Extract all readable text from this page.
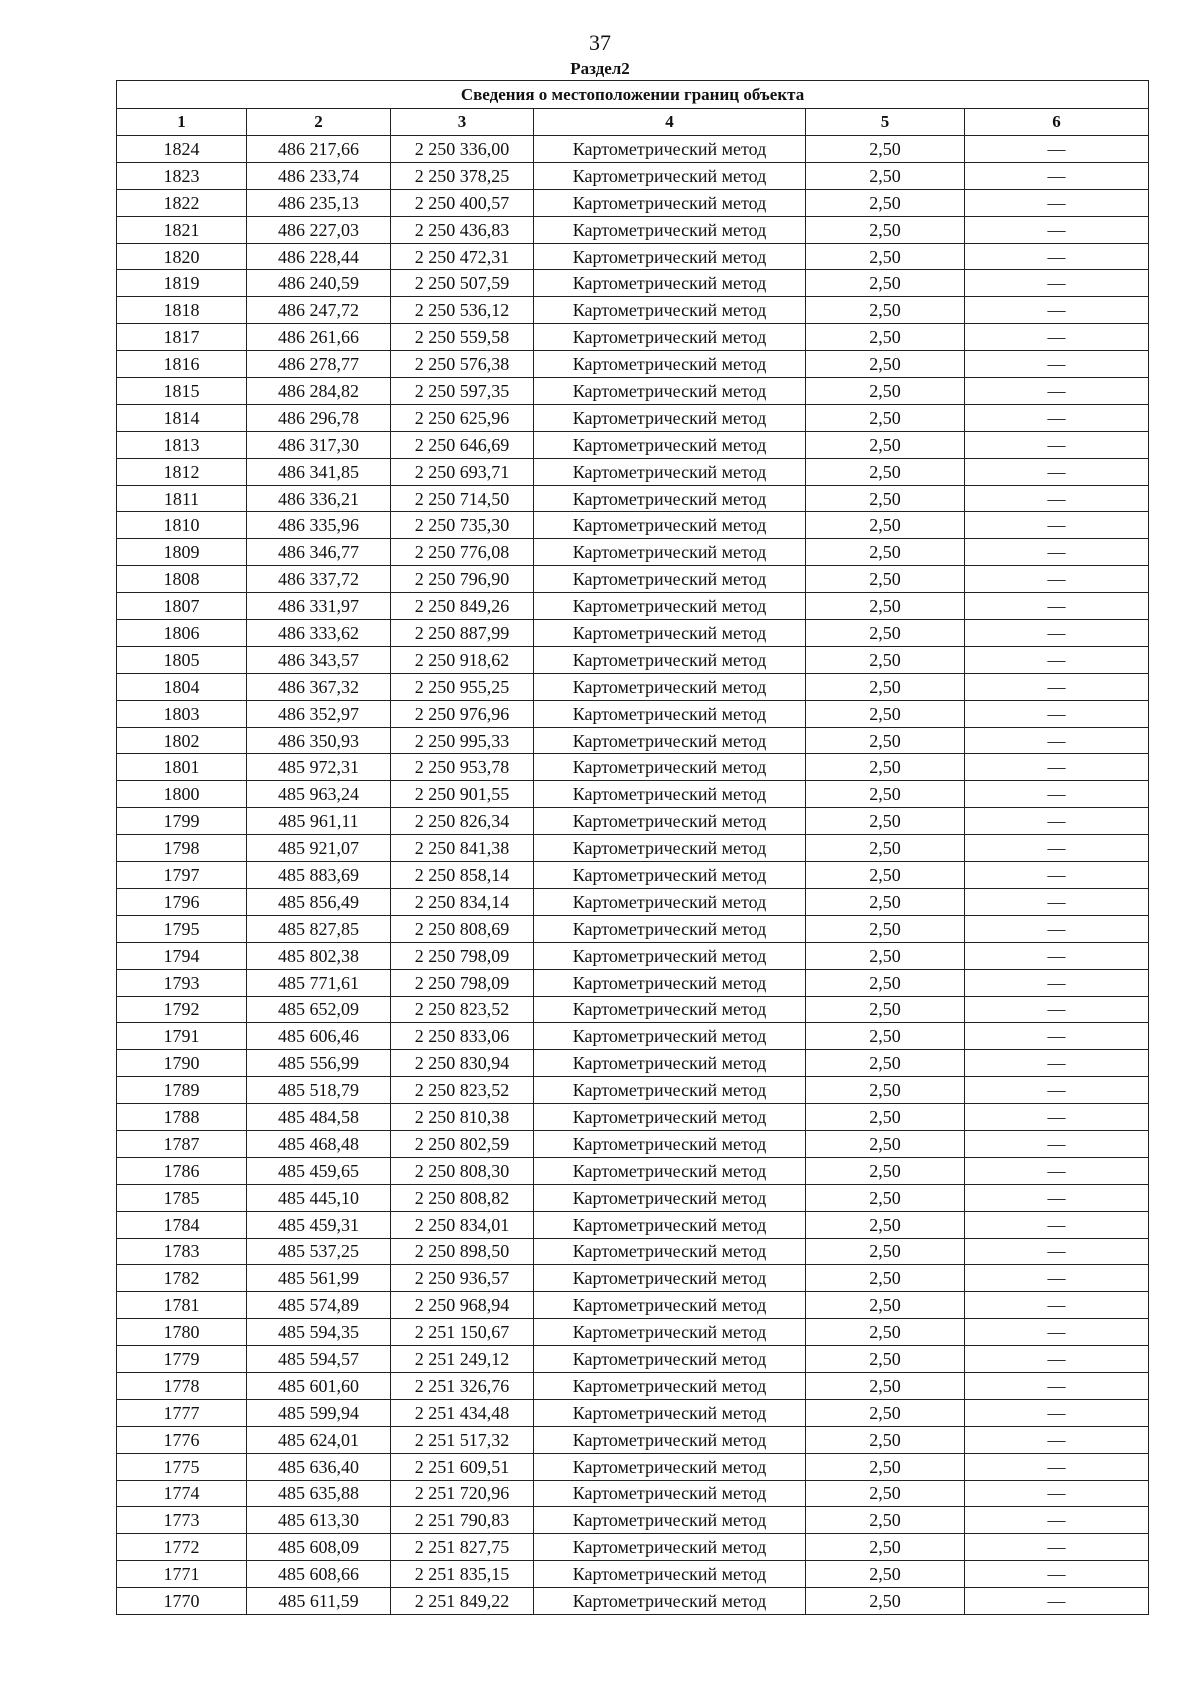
37
Раздел2
Сведения о местоположении границ объекта					
1	2	3	4	5	6
1824	486 217,66	2 250 336,00	Картометрический метод	2,50	—
1823	486 233,74	2 250 378,25	Картометрический метод	2,50	—
1822	486 235,13	2 250 400,57	Картометрический метод	2,50	—
1821	486 227,03	2 250 436,83	Картометрический метод	2,50	—
1820	486 228,44	2 250 472,31	Картометрический метод	2,50	—
1819	486 240,59	2 250 507,59	Картометрический метод	2,50	—
1818	486 247,72	2 250 536,12	Картометрический метод	2,50	—
1817	486 261,66	2 250 559,58	Картометрический метод	2,50	—
1816	486 278,77	2 250 576,38	Картометрический метод	2,50	—
1815	486 284,82	2 250 597,35	Картометрический метод	2,50	—
1814	486 296,78	2 250 625,96	Картометрический метод	2,50	—
1813	486 317,30	2 250 646,69	Картометрический метод	2,50	—
1812	486 341,85	2 250 693,71	Картометрический метод	2,50	—
1811	486 336,21	2 250 714,50	Картометрический метод	2,50	—
1810	486 335,96	2 250 735,30	Картометрический метод	2,50	—
1809	486 346,77	2 250 776,08	Картометрический метод	2,50	—
1808	486 337,72	2 250 796,90	Картометрический метод	2,50	—
1807	486 331,97	2 250 849,26	Картометрический метод	2,50	—
1806	486 333,62	2 250 887,99	Картометрический метод	2,50	—
1805	486 343,57	2 250 918,62	Картометрический метод	2,50	—
1804	486 367,32	2 250 955,25	Картометрический метод	2,50	—
1803	486 352,97	2 250 976,96	Картометрический метод	2,50	—
1802	486 350,93	2 250 995,33	Картометрический метод	2,50	—
1801	485 972,31	2 250 953,78	Картометрический метод	2,50	—
1800	485 963,24	2 250 901,55	Картометрический метод	2,50	—
1799	485 961,11	2 250 826,34	Картометрический метод	2,50	—
1798	485 921,07	2 250 841,38	Картометрический метод	2,50	—
1797	485 883,69	2 250 858,14	Картометрический метод	2,50	—
1796	485 856,49	2 250 834,14	Картометрический метод	2,50	—
1795	485 827,85	2 250 808,69	Картометрический метод	2,50	—
1794	485 802,38	2 250 798,09	Картометрический метод	2,50	—
1793	485 771,61	2 250 798,09	Картометрический метод	2,50	—
1792	485 652,09	2 250 823,52	Картометрический метод	2,50	—
1791	485 606,46	2 250 833,06	Картометрический метод	2,50	—
1790	485 556,99	2 250 830,94	Картометрический метод	2,50	—
1789	485 518,79	2 250 823,52	Картометрический метод	2,50	—
1788	485 484,58	2 250 810,38	Картометрический метод	2,50	—
1787	485 468,48	2 250 802,59	Картометрический метод	2,50	—
1786	485 459,65	2 250 808,30	Картометрический метод	2,50	—
1785	485 445,10	2 250 808,82	Картометрический метод	2,50	—
1784	485 459,31	2 250 834,01	Картометрический метод	2,50	—
1783	485 537,25	2 250 898,50	Картометрический метод	2,50	—
1782	485 561,99	2 250 936,57	Картометрический метод	2,50	—
1781	485 574,89	2 250 968,94	Картометрический метод	2,50	—
1780	485 594,35	2 251 150,67	Картометрический метод	2,50	—
1779	485 594,57	2 251 249,12	Картометрический метод	2,50	—
1778	485 601,60	2 251 326,76	Картометрический метод	2,50	—
1777	485 599,94	2 251 434,48	Картометрический метод	2,50	—
1776	485 624,01	2 251 517,32	Картометрический метод	2,50	—
1775	485 636,40	2 251 609,51	Картометрический метод	2,50	—
1774	485 635,88	2 251 720,96	Картометрический метод	2,50	—
1773	485 613,30	2 251 790,83	Картометрический метод	2,50	—
1772	485 608,09	2 251 827,75	Картометрический метод	2,50	—
1771	485 608,66	2 251 835,15	Картометрический метод	2,50	—
1770	485 611,59	2 251 849,22	Картометрический метод	2,50	—
